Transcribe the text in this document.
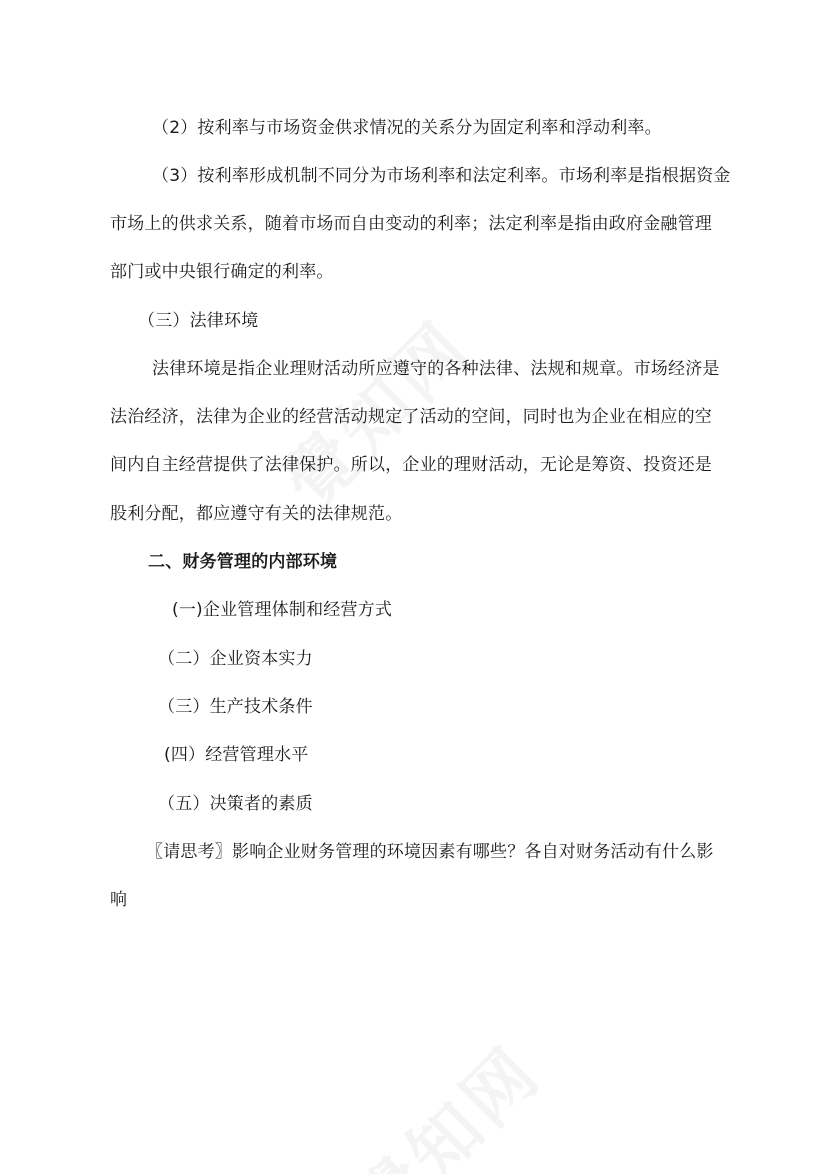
（2）按利率与市场资金供求情况的关系分为固定利率和浮动利率。
（3）按利率形成机制不同分为市场利率和法定利率。市场利率是指根据资金
市场上的供求关系，随着市场而自由变动的利率；法定利率是指由政府金融管理
部门或中央银行确定的利率。
（三）法律环境
法律环境是指企业理财活动所应遵守的各种法律、法规和规章。市场经济是
法治经济，法律为企业的经营活动规定了活动的空间，同时也为企业在相应的空
间内自主经营提供了法律保护。所以，企业的理财活动，无论是筹资、投资还是
股利分配，都应遵守有关的法律规范。
二、财务管理的内部环境
(一)企业管理体制和经营方式
（二）企业资本实力
（三）生产技术条件
(四）经营管理水平
（五）决策者的素质
〖请思考〗影响企业财务管理的环境因素有哪些？各自对财务活动有什么影
响
